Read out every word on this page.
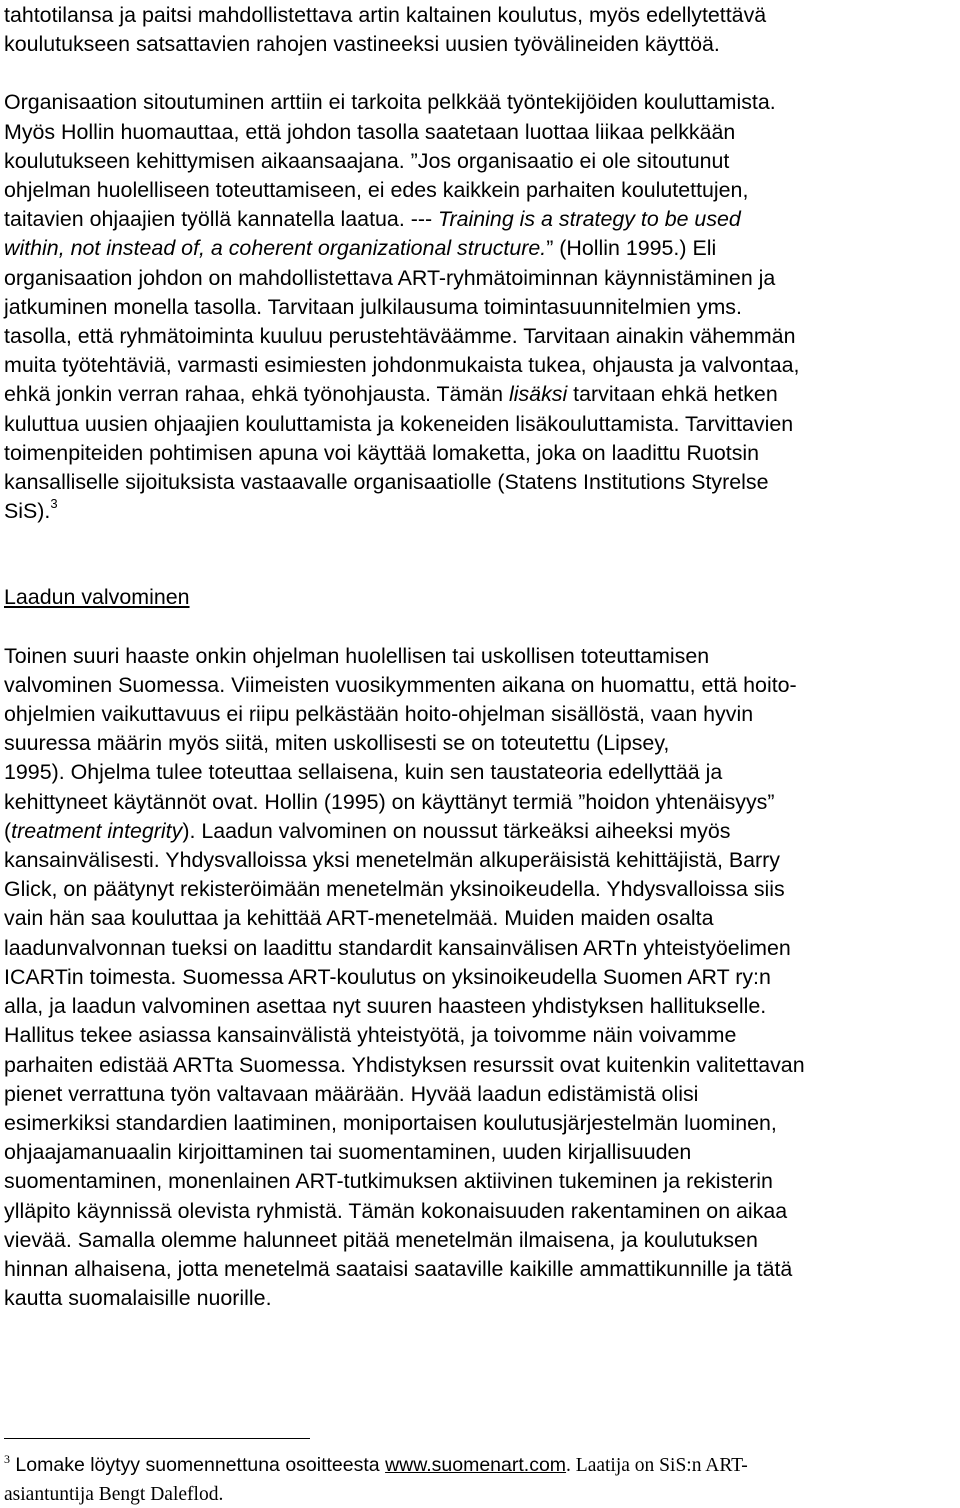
tahtotilansa ja paitsi mahdollistettava artin kaltainen koulutus, myös edellytettävä
koulutukseen satsattavien rahojen vastineeksi uusien työvälineiden käyttöä.

Organisaation sitoutuminen arttiin ei tarkoita pelkkää työntekijöiden kouluttamista.
Myös Hollin huomauttaa, että johdon tasolla saatetaan luottaa liikaa pelkkään
koulutukseen kehittymisen aikaansaajana. ”Jos organisaatio ei ole sitoutunut
ohjelman huolelliseen toteuttamiseen, ei edes kaikkein parhaiten koulutettujen,
taitavien ohjaajien työllä kannatella laatua. --- Training is a strategy to be used
within, not instead of, a coherent organizational structure.” (Hollin 1995.) Eli
organisaation johdon on mahdollistettava ART-ryhmätoiminnan käynnistäminen ja
jatkuminen monella tasolla. Tarvitaan julkilausuma toimintasuunnitelmien yms.
tasolla, että ryhmätoiminta kuuluu perustehtäväämme. Tarvitaan ainakin vähemmän
muita työtehtäviä, varmasti esimiesten johdonmukaista tukea, ohjausta ja valvontaa,
ehkä jonkin verran rahaa, ehkä työnohjausta. Tämän lisäksi tarvitaan ehkä hetken
kuluttua uusien ohjaajien kouluttamista ja kokeneiden lisäkouluttamista. Tarvittavien
toimenpiteiden pohtimisen apuna voi käyttää lomaketta, joka on laadittu Ruotsin
kansalliselle sijoituksista vastaavalle organisaatiolle (Statens Institutions Styrelse
SiS).$^3$

Laadun valvominen

Toinen suuri haaste onkin ohjelman huolellisen tai uskollisen toteuttamisen
valvominen Suomessa. Viimeisten vuosikymmenten aikana on huomattu, että hoito-
ohjelmien vaikuttavuus ei riipu pelkästään hoito-ohjelman sisällöstä, vaan hyvin
suuressa määrin myös siitä, miten uskollisesti se on toteutettu (Lipsey,
1995). Ohjelma tulee toteuttaa sellaisena, kuin sen taustateoria edellyttää ja
kehittyneet käytännöt ovat. Hollin (1995) on käyttänyt termiä ”hoidon yhtenäisyys”
(treatment integrity). Laadun valvominen on noussut tärkeäksi aiheeksi myös
kansainvälisesti. Yhdysvalloissa yksi menetelmän alkuperäisistä kehittäjistä, Barry
Glick, on päätynyt rekisteröimään menetelmän yksinoikeudella. Yhdysvalloissa siis
vain hän saa kouluttaa ja kehittää ART-menetelmää. Muiden maiden osalta
laadunvalvonnan tueksi on laadittu standardit kansainvälisen ARTn yhteistyöelimen
ICARTin toimesta. Suomessa ART-koulutus on yksinoikeudella Suomen ART ry:n
alla, ja laadun valvominen asettaa nyt suuren haasteen yhdistyksen hallitukselle.
Hallitus tekee asiassa kansainvälistä yhteistyötä, ja toivomme näin voivamme
parhaiten edistää ARTta Suomessa. Yhdistyksen resurssit ovat kuitenkin valitettavan
pienet verrattuna työn valtavaan määrään. Hyvää laadun edistämistä olisi
esimerkiksi standardien laatiminen, moniportaisen koulutusjärjestelmän luominen,
ohjaajamanuaalin kirjoittaminen tai suomentaminen, uuden kirjallisuuden
suomentaminen, monenlainen ART-tutkimuksen aktiivinen tukeminen ja rekisterin
ylläpito käynnissä olevista ryhmistä. Tämän kokonaisuuden rakentaminen on aikaa
vievää. Samalla olemme halunneet pitää menetelmän ilmaisena, ja koulutuksen
hinnan alhaisena, jotta menetelmä saataisi saataville kaikille ammattikunnille ja tätä
kautta suomalaisille nuorille.

$^3$ Lomake löytyy suomennettuna osoitteesta www.suomenart.com. Laatija on SiS:n ART-
asiantuntija Bengt Daleflod.
